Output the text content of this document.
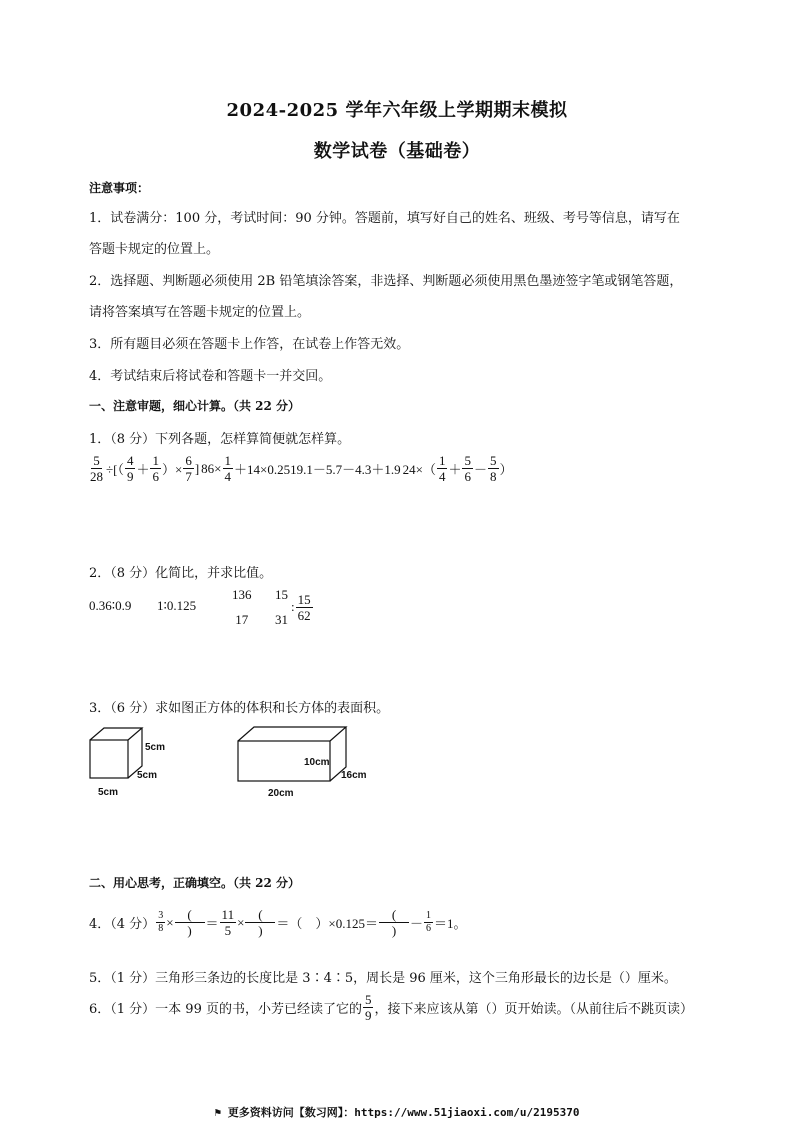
2024-2025 学年六年级上学期期末模拟
数学试卷（基础卷）
注意事项：
1．试卷满分：100 分，考试时间：90 分钟。答题前，填写好自己的姓名、班级、考号等信息，请写在
答题卡规定的位置上。
2．选择题、判断题必须使用 2B 铅笔填涂答案，非选择、判断题必须使用黑色墨迹签字笔或钢笔答题，
请将答案填写在答题卡规定的位置上。
3．所有题目必须在答题卡上作答，在试卷上作答无效。
4．考试结束后将试卷和答题卡一并交回。
一、注意审题，细心计算。（共 22 分）
1．（8 分）下列各题，怎样算简便就怎样算。
$\frac{5}{28}$ ÷[（ $\frac{4}{9} + \frac{1}{6}$ ）× $\frac{6}{7}$ ] $86\times \frac{1}{4} +14\times 0.25$ 19.1－5.7－4.3＋1.9 $24\times( \frac{1}{4} + \frac{5}{6} - \frac{5}{8}$ ）
2．（8 分）化简比，并求比值。
0.36∶0.9 1∶0.125
136
17
15
31
: $\frac{15}{62}$
3．（6 分）求如图正方体的体积和长方体的表面积。
5cm
5cm
5cm
10cm
16cm
20cm
二、用心思考，正确填空。（共 22 分）
4．（4 分） $\frac{3}{8} \times \frac{(}{)} = \frac{11}{5} \times \frac{(}{)}$ ＝（　）$\times 0.125= \frac{(}{)} - \frac{1}{6} =1$。
5．（1 分）三角形三条边的长度比是 3∶4∶5，周长是 96 厘米，这个三角形最长的边长是（）厘米。
6．（1 分）一本 99 页的书，小芳已经读了它的 $\frac{5}{9}$ ，接下来应该从第（）页开始读。（从前往后不跳页读）
⚑ 更多资料访问【数习网】：https://www.51jiaoxi.com/u/2195370
